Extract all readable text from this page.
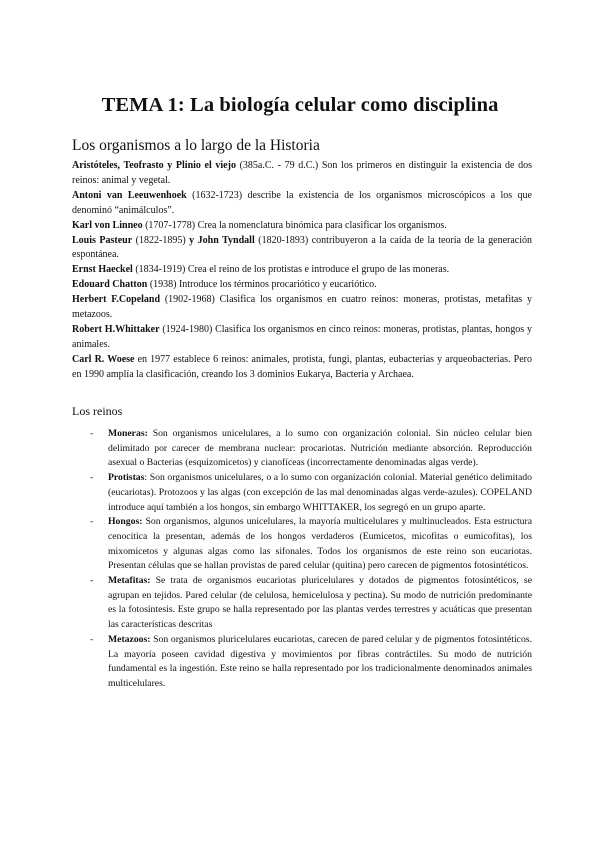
TEMA 1: La biología celular como disciplina
Los organismos a lo largo de la Historia

Aristóteles, Teofrasto y Plinio el viejo (385a.C. - 79 d.C.) Son los primeros en distinguir la existencia de dos reinos: animal y vegetal.

Antoni van Leeuwenhoek (1632-1723) describe la existencia de los organismos microscópicos a los que denominó “animálculos”.

Karl von Linneo (1707-1778) Crea la nomenclatura binómica para clasificar los organismos.

Louis Pasteur (1822-1895) y John Tyndall (1820-1893) contribuyeron a la caída de la teoría de la generación espontánea.

Ernst Haeckel (1834-1919) Crea el reino de los protistas e introduce el grupo de las moneras.

Edouard Chatton (1938) Introduce los términos procariótico y eucariótico.

Herbert F.Copeland (1902-1968) Clasifica los organismos en cuatro reinos: moneras, protistas, metafitas y metazoos.

Robert H.Whittaker (1924-1980) Clasifica los organismos en cinco reinos: moneras, protistas, plantas, hongos y animales.

Carl R. Woese en 1977 establece 6 reinos: animales, protista, fungi, plantas, eubacterias y arqueobacterias. Pero en 1990 amplía la clasificación, creando los 3 dominios Eukarya, Bacteria y Archaea.

Los reinos
- Moneras: Son organismos unicelulares, a lo sumo con organización colonial. Sin núcleo celular bien delimitado por carecer de membrana nuclear: procariotas. Nutrición mediante absorción. Reproducción asexual o Bacterias (esquizomicetos) y cianofíceas (incorrectamente denominadas algas verde).
- Protistas: Son organismos unicelulares, o a lo sumo con organización colonial. Material genético delimitado (eucariotas). Protozoos y las algas (con excepción de las mal denominadas algas verde-azules). COPELAND introduce aquí también a los hongos, sin embargo WHITTAKER, los segregó en un grupo aparte.
- Hongos: Son organismos, algunos unicelulares, la mayoría multicelulares y multinucleados. Esta estructura cenocítica la presentan, además de los hongos verdaderos (Eumicetos, micofitas o eumicofitas), los mixomicetos y algunas algas como las sifonales. Todos los organismos de este reino son eucariotas. Presentan células que se hallan provistas de pared celular (quitina) pero carecen de pigmentos fotosintéticos.
- Metafitas: Se trata de organismos eucariotas pluricelulares y dotados de pigmentos fotosintéticos, se agrupan en tejidos. Pared celular (de celulosa, hemicelulosa y pectina). Su modo de nutrición predominante es la fotosíntesis. Este grupo se halla representado por las plantas verdes terrestres y acuáticas que presentan las características descritas
- Metazoos: Son organismos pluricelulares eucariotas, carecen de pared celular y de pigmentos fotosintéticos. La mayoría poseen cavidad digestiva y movimientos por fibras contráctiles. Su modo de nutrición fundamental es la ingestión. Este reino se halla representado por los tradicionalmente denominados animales multicelulares.
